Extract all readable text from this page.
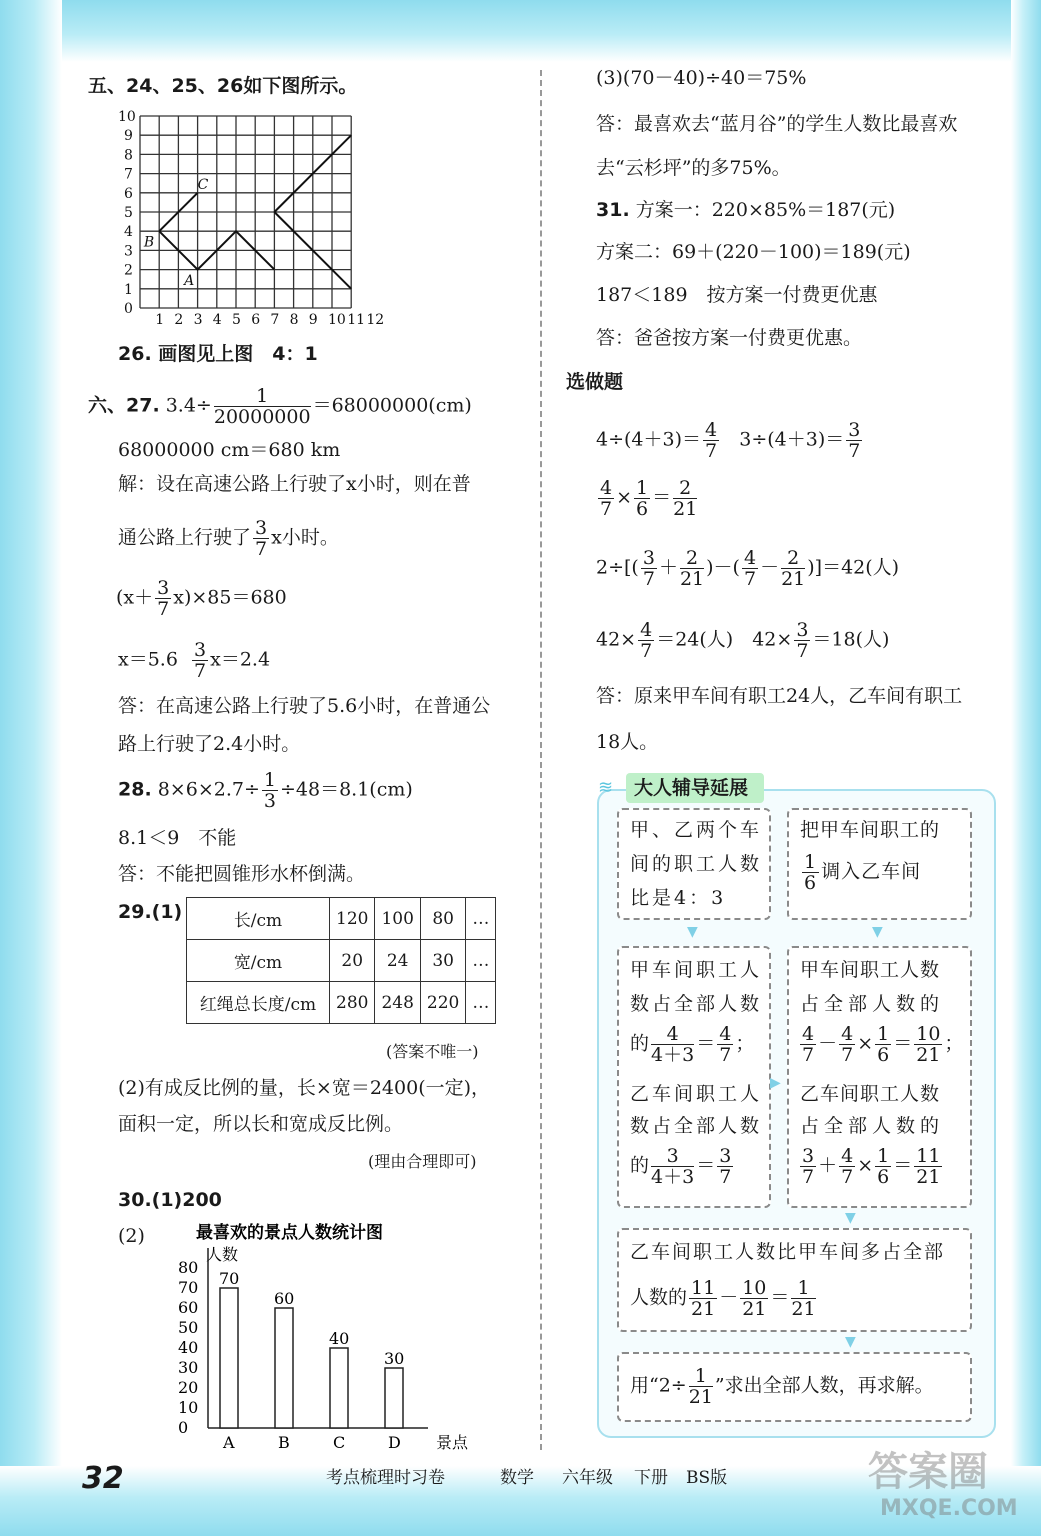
五、24、25、26如下图所示。
1 2 3 4 5 6 7 8 9 10 11 12
0
1
2
3
4
5
6
7
8
9
10
A
B
C
26. 画图见上图　4：1
六、27. $3.4\div \frac{1}{20000000} =68000000(cm)$
68000000 cm＝680 km
解：设在高速公路上行驶了x小时，则在普
通公路上行驶了 $\frac{3}{7}$ x小时。
$(x+ \frac{3}{7} x)\times 85=680$
$x=5.6 \frac{3}{7} x=2.4$
答：在高速公路上行驶了5.6小时，在普通公
路上行驶了2.4小时。
28. $8\times 6\times 2.7\div \frac{1}{3} \div 48=8.1(cm)$
8.1＜9　不能
答：不能把圆锥形水杯倒满。
29.(1)	长/cm	120	100	80	…
宽/cm	20	24	30	…
红绳总长度/cm	280	248	220	…
(答案不唯一)
(2)有成反比例的量，长×宽＝2400(一定)，
面积一定，所以长和宽成反比例。
(理由合理即可)
30.(1)200
(2)	最喜欢的景点人数统计图
人数
景点
0
10
20
30
40
50
60
70
80
70
A
60
B
40
C
30
D
(3)(70－40)÷40＝75%
答：最喜欢去“蓝月谷”的学生人数比最喜欢
去“云杉坪”的多75%。
31. 方案一：220×85%＝187(元)
方案二：69＋(220－100)＝189(元)
187＜189　按方案一付费更优惠
答：爸爸按方案一付费更优惠。
选做题
$4\div(4+3)= \frac{4}{7} 3\div(4+3)= \frac{3}{7}$
$\frac{4}{7} \times \frac{1}{6} = \frac{2}{21}$
$2\div[( \frac{3}{7} + \frac{2}{21}$ )－( $\frac{4}{7} - \frac{2}{21} )]=42$(人)
$42\times \frac{4}{7} =24$(人)　$42\times \frac{3}{7} =18$(人)
答：原来甲车间有职工24人，乙车间有职工
18人。
≋ 大人辅导延展
甲、乙两个车
间的职工人数
比是4：3
把甲车间职工的
$\frac{1}{6}$ 调入乙车间
▼	▼
甲车间职工人
数占全部人数
的 $\frac{4}{4+3} = \frac{4}{7}$ ；
乙车间职工人
数占全部人数
的 $\frac{3}{4+3} = \frac{3}{7}$
▶
甲车间职工人数
占全部人数的
$\frac{4}{7} - \frac{4}{7} \times \frac{1}{6} = \frac{10}{21}$ ；
乙车间职工人数
占全部人数的
$\frac{3}{7} + \frac{4}{7} \times \frac{1}{6} = \frac{11}{21}$
▼
乙车间职工人数比甲车间多占全部
人数的 $\frac{11}{21} - \frac{10}{21} = \frac{1}{21}$
▼
用“$2\div \frac{1}{21}$ ”求出全部人数，再求解。
32	考点梳理时习卷	数学 六年级 下册 BS版	答案圈
MXQE.COM
